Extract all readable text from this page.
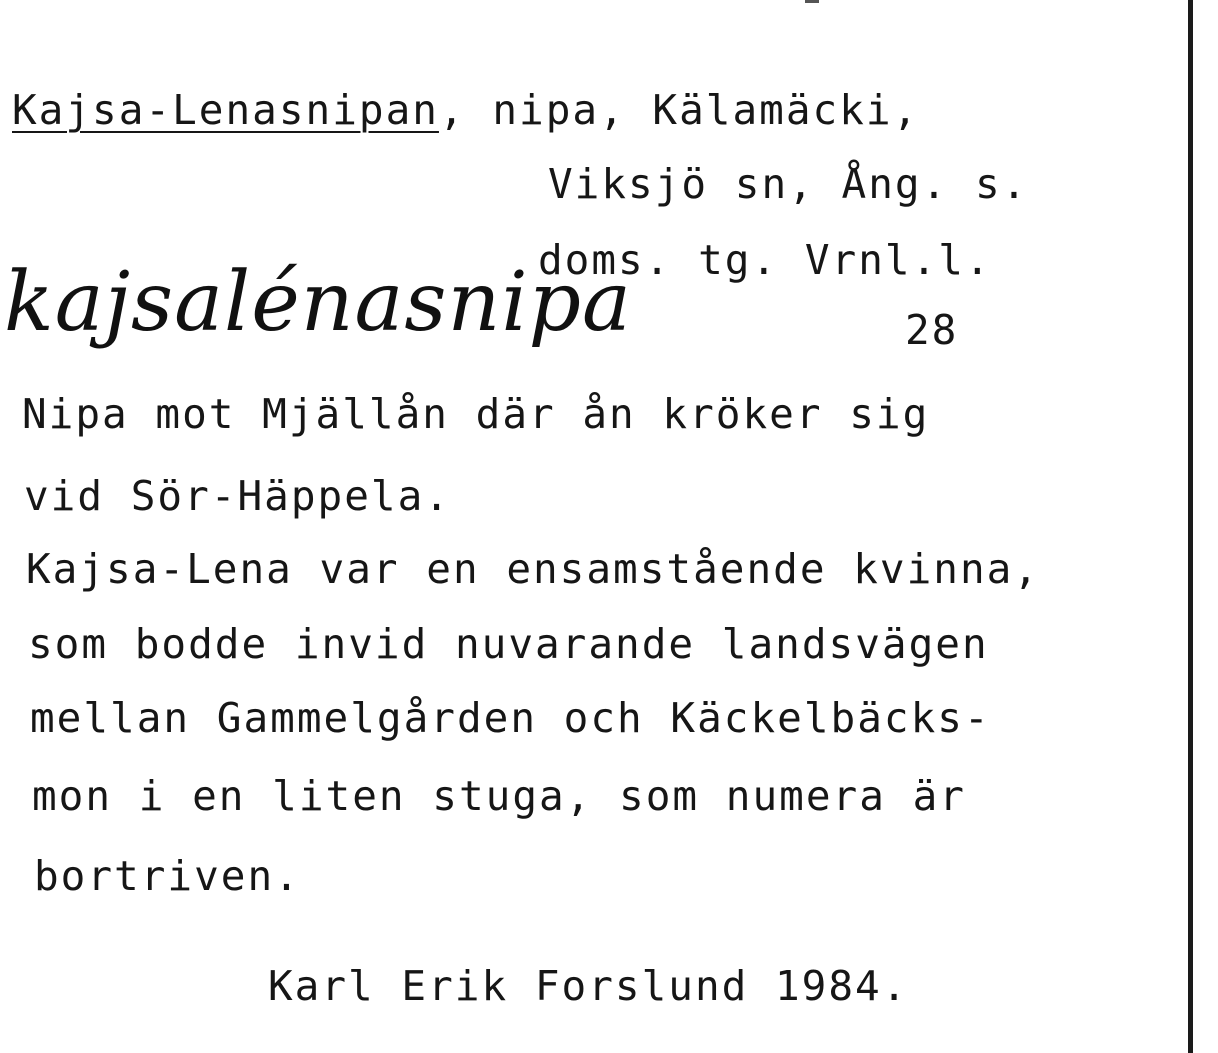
Kajsa-Lenasnipan, nipa, Kälamäcki,
Viksjö sn, Ång. s.
doms. tg. Vrnl.l.
kajsalénasnipa	28
Nipa mot Mjällån där ån kröker sig
vid Sör-Häppela.
Kajsa-Lena var en ensamstående kvinna,
som bodde invid nuvarande landsvägen
mellan Gammelgården och Käckelbäcks-
mon i en liten stuga, som numera är
bortriven.
Karl Erik Forslund 1984.
